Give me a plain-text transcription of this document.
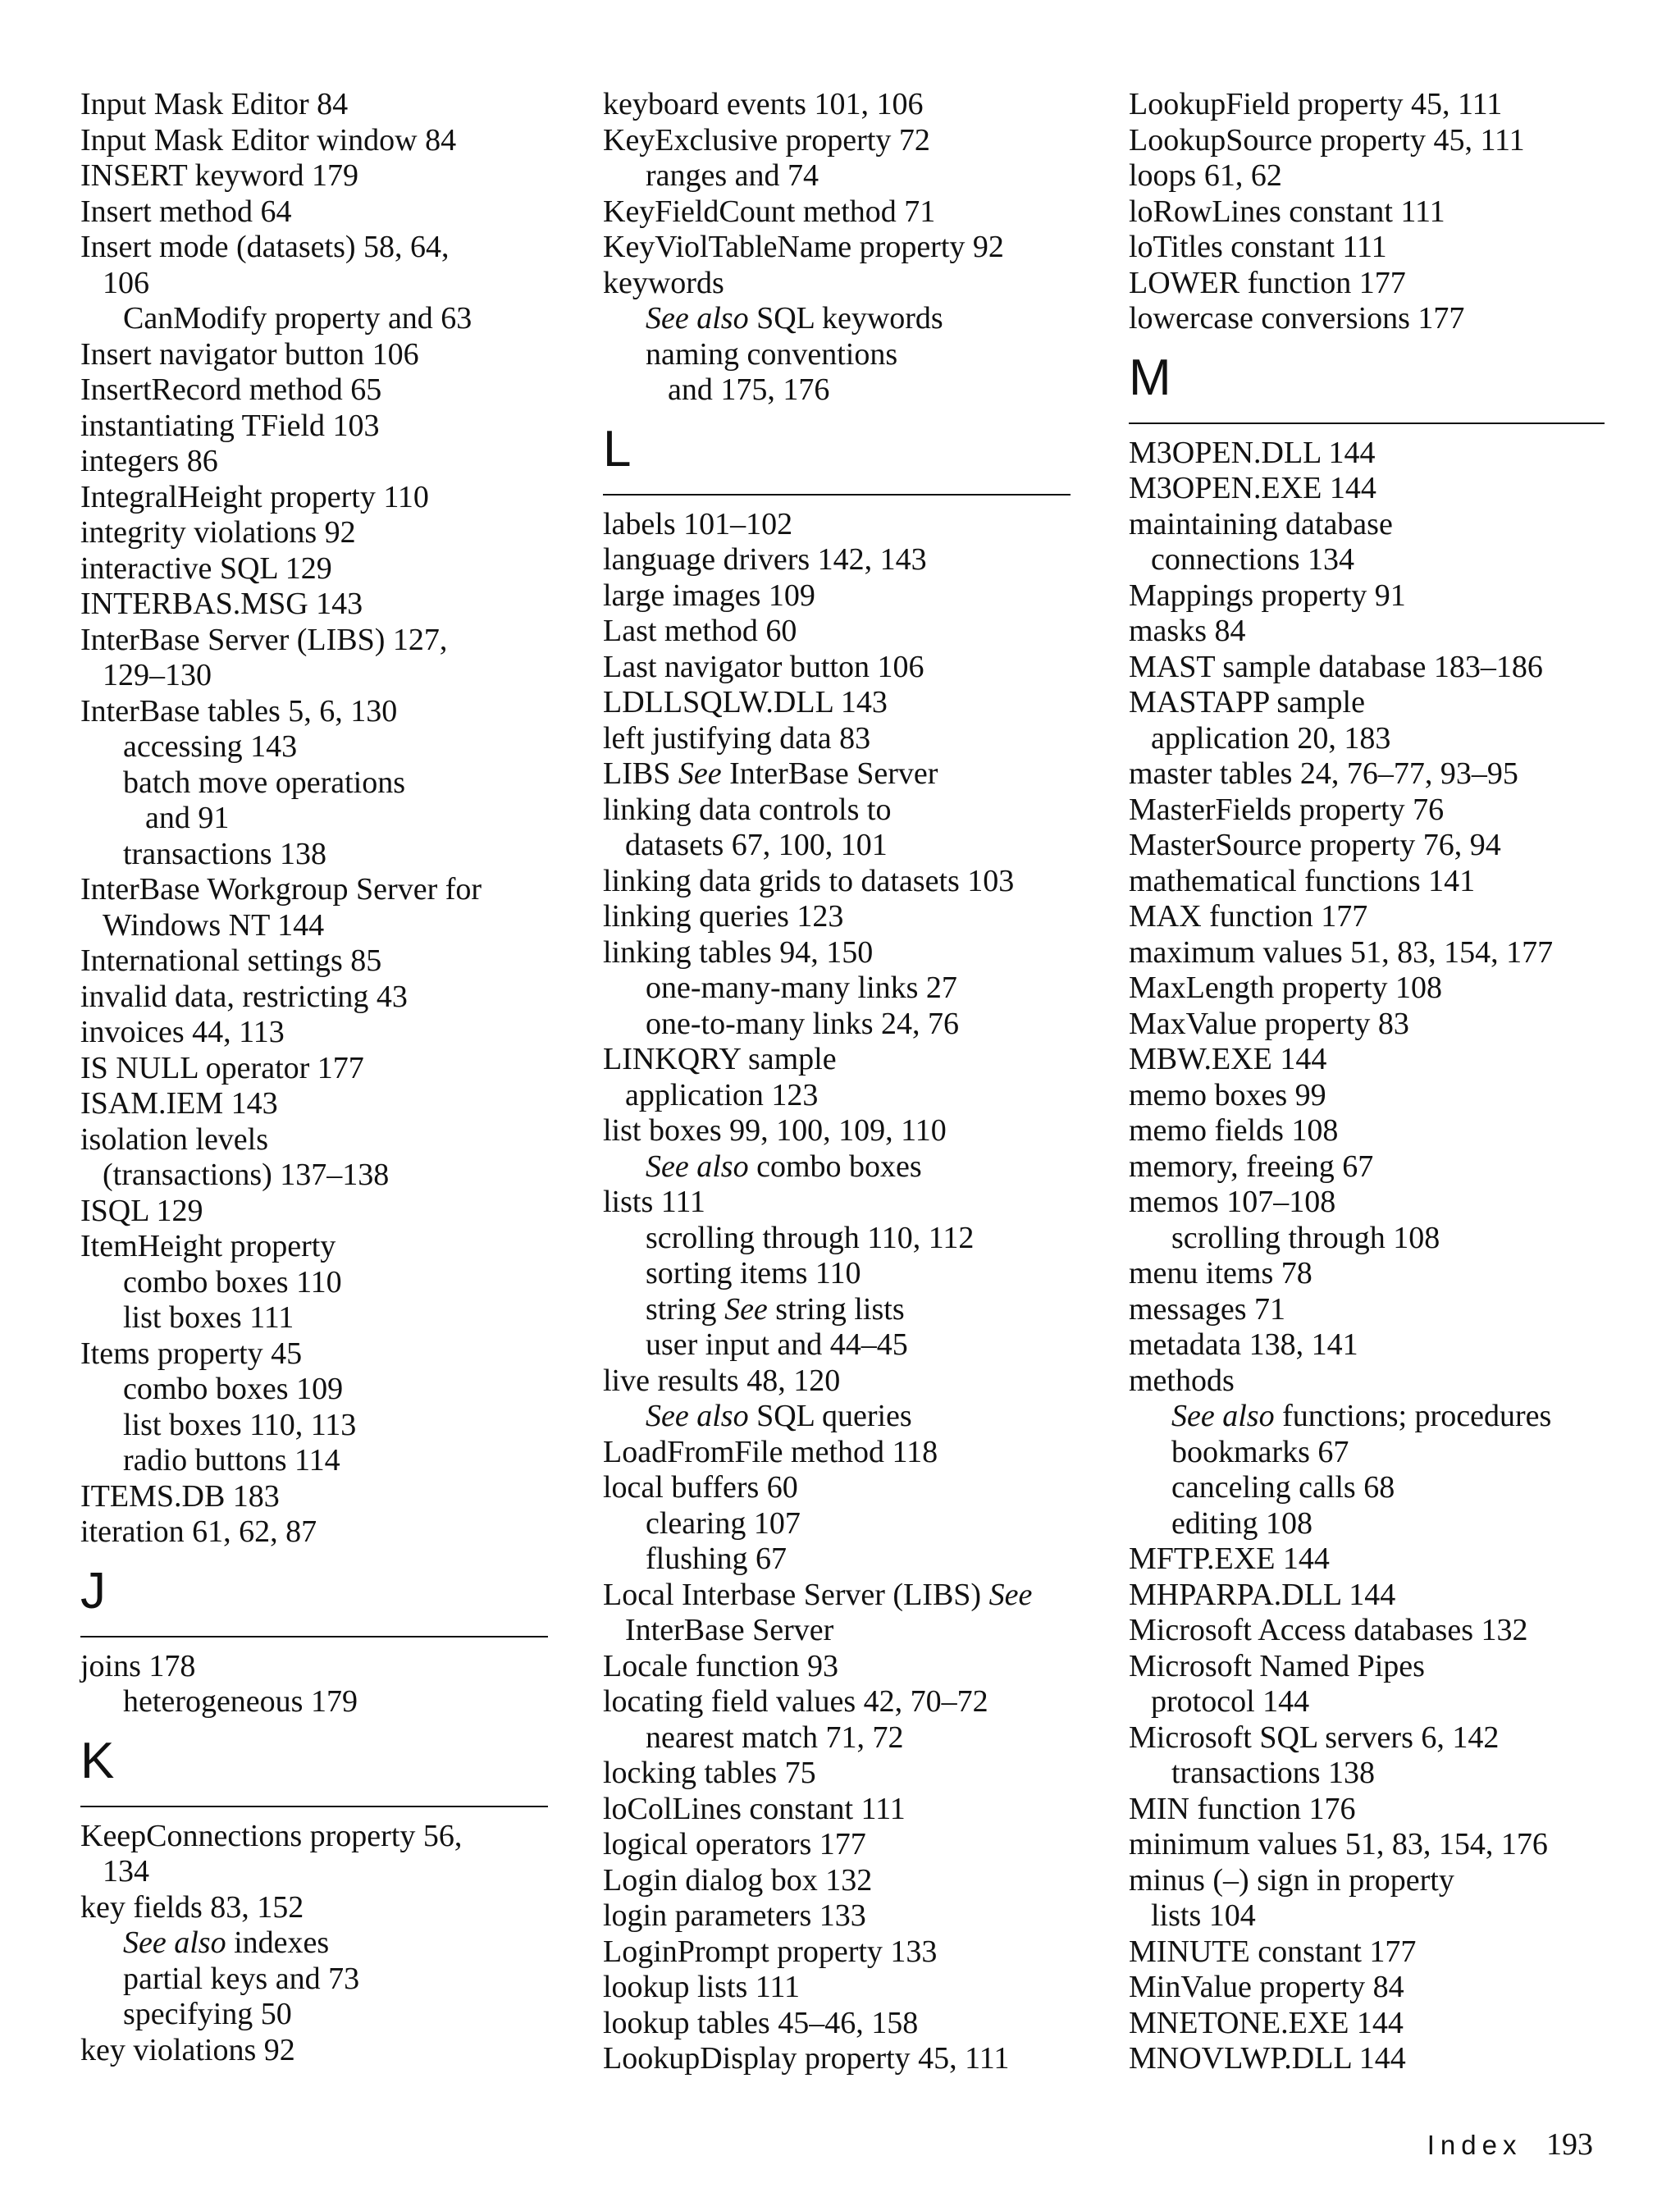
Input Mask Editor 84
Input Mask Editor window 84
INSERT keyword 179
Insert method 64
Insert mode (datasets) 58, 64,
106
CanModify property and 63
Insert navigator button 106
InsertRecord method 65
instantiating TField 103
integers 86
IntegralHeight property 110
integrity violations 92
interactive SQL 129
INTERBAS.MSG 143
InterBase Server (LIBS) 127,
129–130
InterBase tables 5, 6, 130
accessing 143
batch move operations
and 91
transactions 138
InterBase Workgroup Server for
Windows NT 144
International settings 85
invalid data, restricting 43
invoices 44, 113
IS NULL operator 177
ISAM.IEM 143
isolation levels
(transactions) 137–138
ISQL 129
ItemHeight property
combo boxes 110
list boxes 111
Items property 45
combo boxes 109
list boxes 110, 113
radio buttons 114
ITEMS.DB 183
iteration 61, 62, 87
J
joins 178
heterogeneous 179
K
KeepConnections property 56,
134
key fields 83, 152
See also indexes
partial keys and 73
specifying 50
key violations 92
keyboard events 101, 106
KeyExclusive property 72
ranges and 74
KeyFieldCount method 71
KeyViolTableName property 92
keywords
See also SQL keywords
naming conventions
and 175, 176
L
labels 101–102
language drivers 142, 143
large images 109
Last method 60
Last navigator button 106
LDLLSQLW.DLL 143
left justifying data 83
LIBS See InterBase Server
linking data controls to
datasets 67, 100, 101
linking data grids to datasets 103
linking queries 123
linking tables 94, 150
one-many-many links 27
one-to-many links 24, 76
LINKQRY sample
application 123
list boxes 99, 100, 109, 110
See also combo boxes
lists 111
scrolling through 110, 112
sorting items 110
string See string lists
user input and 44–45
live results 48, 120
See also SQL queries
LoadFromFile method 118
local buffers 60
clearing 107
flushing 67
Local Interbase Server (LIBS) See
InterBase Server
Locale function 93
locating field values 42, 70–72
nearest match 71, 72
locking tables 75
loColLines constant 111
logical operators 177
Login dialog box 132
login parameters 133
LoginPrompt property 133
lookup lists 111
lookup tables 45–46, 158
LookupDisplay property 45, 111
LookupField property 45, 111
LookupSource property 45, 111
loops 61, 62
loRowLines constant 111
loTitles constant 111
LOWER function 177
lowercase conversions 177
M
M3OPEN.DLL 144
M3OPEN.EXE 144
maintaining database
connections 134
Mappings property 91
masks 84
MAST sample database 183–186
MASTAPP sample
application 20, 183
master tables 24, 76–77, 93–95
MasterFields property 76
MasterSource property 76, 94
mathematical functions 141
MAX function 177
maximum values 51, 83, 154, 177
MaxLength property 108
MaxValue property 83
MBW.EXE 144
memo boxes 99
memo fields 108
memory, freeing 67
memos 107–108
scrolling through 108
menu items 78
messages 71
metadata 138, 141
methods
See also functions; procedures
bookmarks 67
canceling calls 68
editing 108
MFTP.EXE 144
MHPARPA.DLL 144
Microsoft Access databases 132
Microsoft Named Pipes
protocol 144
Microsoft SQL servers 6, 142
transactions 138
MIN function 176
minimum values 51, 83, 154, 176
minus (–) sign in property
lists 104
MINUTE constant 177
MinValue property 84
MNETONE.EXE 144
MNOVLWP.DLL 144
Index 193
